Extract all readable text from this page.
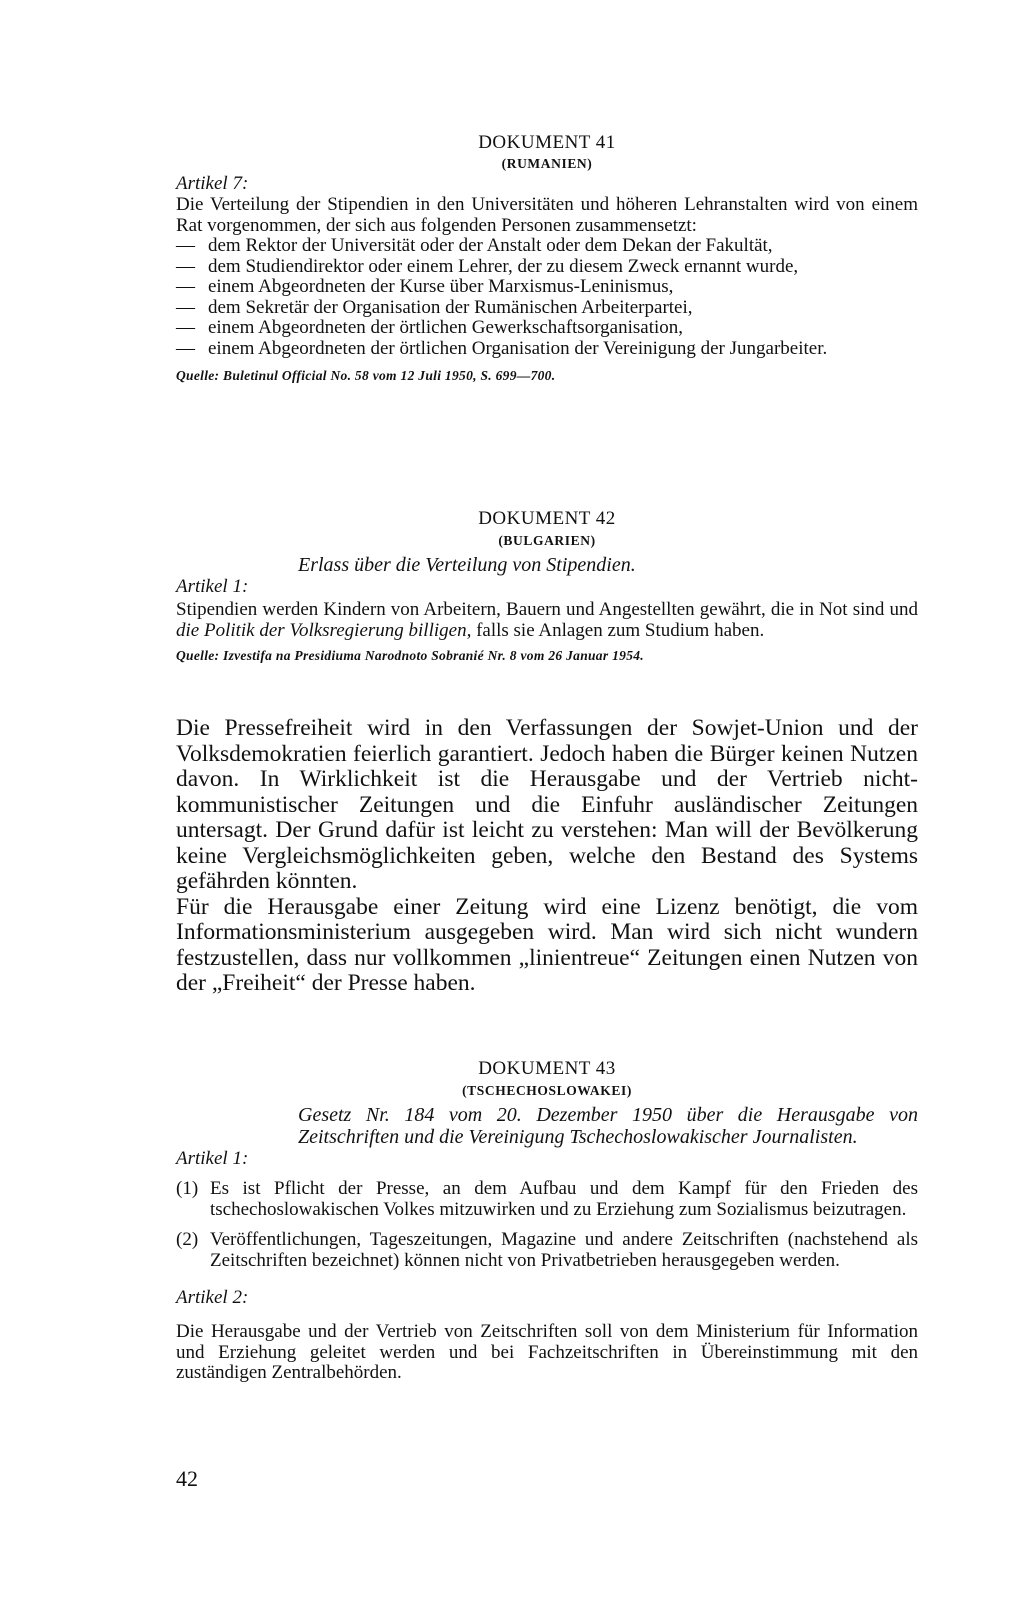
DOKUMENT 41
(RUMANIEN)
Artikel 7:

Die Verteilung der Stipendien in den Universitäten und höheren Lehranstalten wird von einem Rat vorgenommen, der sich aus folgenden Personen zusammensetzt:

— dem Rektor der Universität oder der Anstalt oder dem Dekan der Fakultät,
— dem Studiendirektor oder einem Lehrer, der zu diesem Zweck ernannt wurde,
— einem Abgeordneten der Kurse über Marxismus-Leninismus,
— dem Sekretär der Organisation der Rumänischen Arbeiterpartei,
— einem Abgeordneten der örtlichen Gewerkschaftsorganisation,
— einem Abgeordneten der örtlichen Organisation der Vereinigung der Jungarbeiter.
Quelle: Buletinul Official No. 58 vom 12 Juli 1950, S. 699—700.
DOKUMENT 42
(BULGARIEN)
Erlass über die Verteilung von Stipendien.
Artikel 1:

Stipendien werden Kindern von Arbeitern, Bauern und Angestellten gewährt, die in Not sind und die Politik der Volksregierung billigen, falls sie Anlagen zum Studium haben.

Quelle: Izvestifa na Presidiuma Narodnoto Sobranié Nr. 8 vom 26 Januar 1954.

Die Pressefreiheit wird in den Verfassungen der Sowjet-Union und der Volksdemokratien feierlich garantiert. Jedoch haben die Bürger keinen Nutzen davon. In Wirklichkeit ist die Herausgabe und der Vertrieb nicht-kommunistischer Zeitungen und die Einfuhr ausländischer Zeitungen untersagt. Der Grund dafür ist leicht zu verstehen: Man will der Bevölkerung keine Vergleichsmöglichkeiten geben, welche den Bestand des Systems gefährden könnten.

Für die Herausgabe einer Zeitung wird eine Lizenz benötigt, die vom Informationsministerium ausgegeben wird. Man wird sich nicht wundern festzustellen, dass nur vollkommen „linientreue“ Zeitungen einen Nutzen von der „Freiheit“ der Presse haben.

DOKUMENT 43
(TSCHECHOSLOWAKEI)
Gesetz Nr. 184 vom 20. Dezember 1950 über die Herausgabe von Zeitschriften und die Vereinigung Tschechoslowakischer Journalisten.
Artikel 1:
(1) Es ist Pflicht der Presse, an dem Aufbau und dem Kampf für den Frieden des tschechoslowakischen Volkes mitzuwirken und zu Erziehung zum Sozialismus beizutragen.
(2) Veröffentlichungen, Tageszeitungen, Magazine und andere Zeitschriften (nachstehend als Zeitschriften bezeichnet) können nicht von Privatbetrieben herausgegeben werden.
Artikel 2:

Die Herausgabe und der Vertrieb von Zeitschriften soll von dem Ministerium für Information und Erziehung geleitet werden und bei Fachzeitschriften in Übereinstimmung mit den zuständigen Zentralbehörden.

42
